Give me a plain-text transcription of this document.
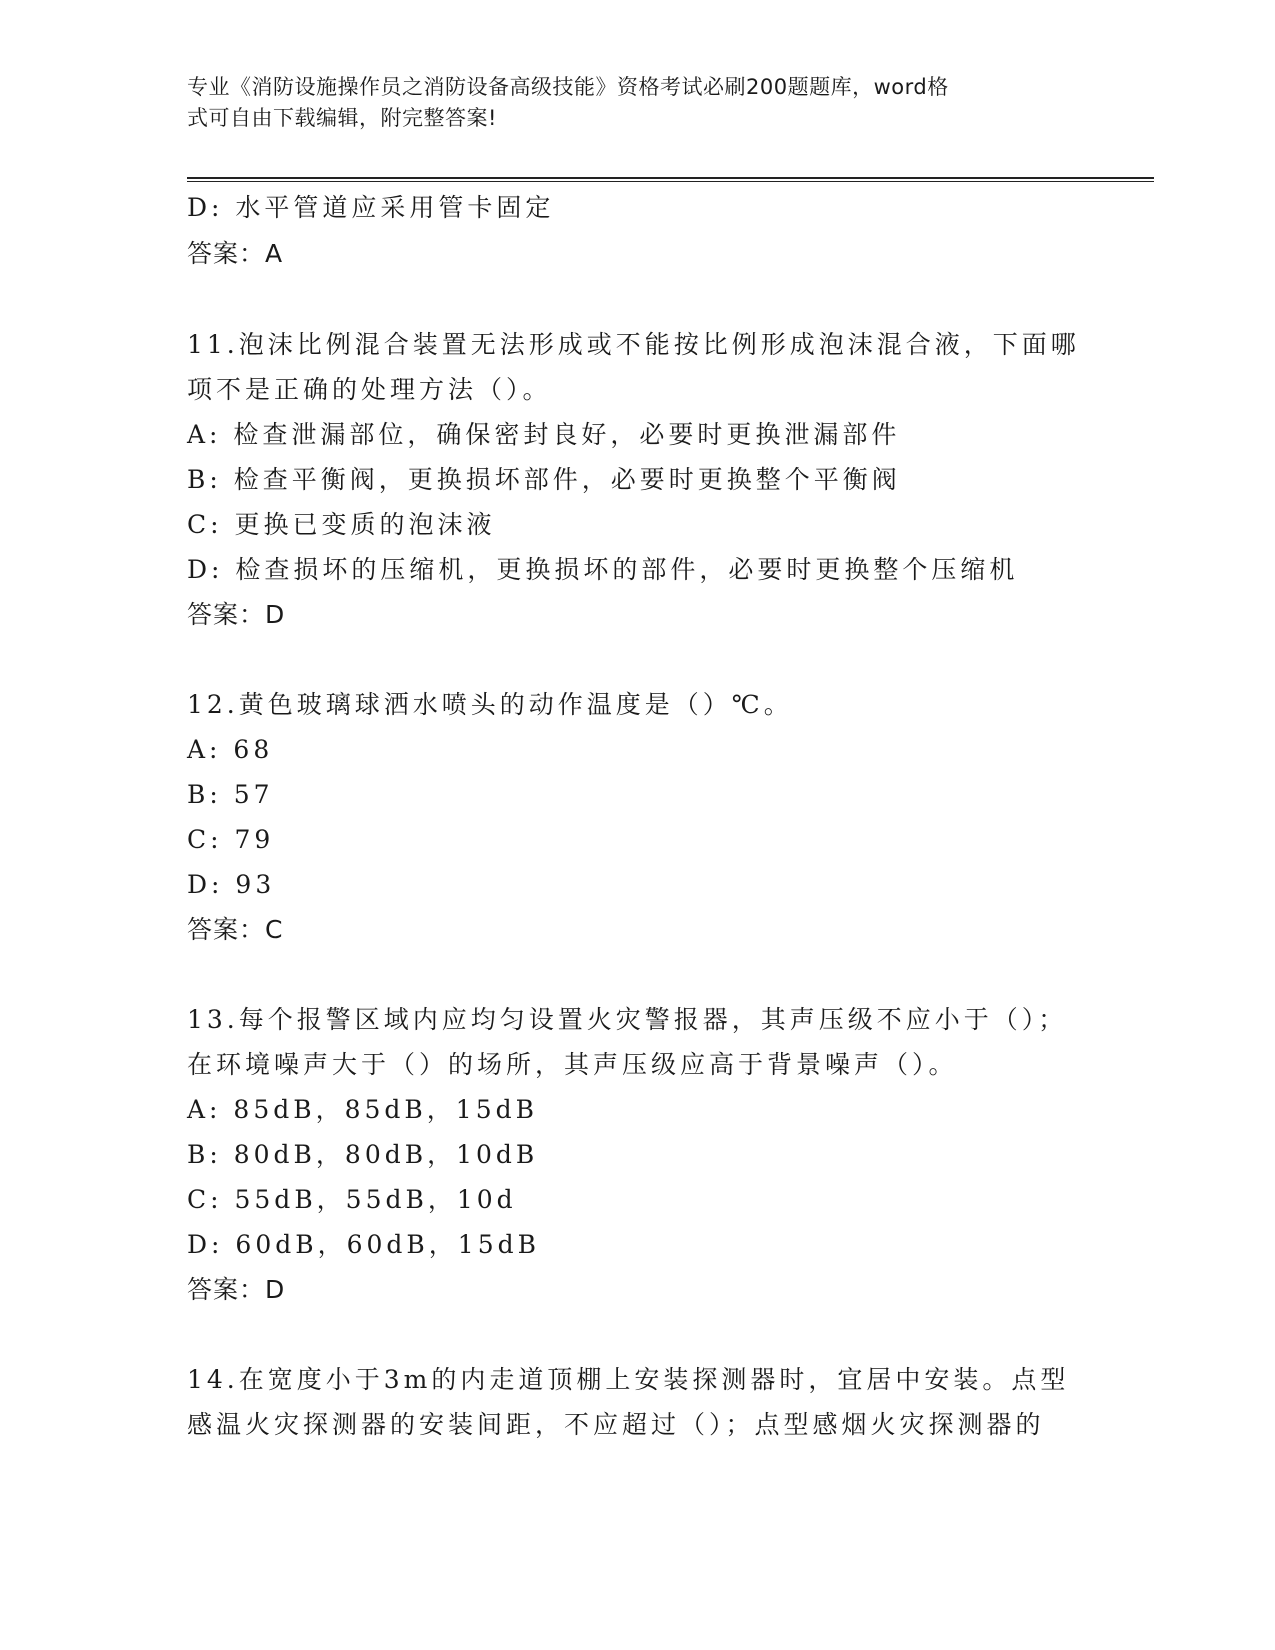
专业《消防设施操作员之消防设备高级技能》资格考试必刷200题题库，word格
式可自由下载编辑，附完整答案!
D: 水平管道应采用管卡固定
答案：A
11.泡沫比例混合装置无法形成或不能按比例形成泡沫混合液，下面哪
项不是正确的处理方法（）。
A: 检查泄漏部位，确保密封良好，必要时更换泄漏部件
B: 检查平衡阀，更换损坏部件，必要时更换整个平衡阀
C: 更换已变质的泡沫液
D: 检查损坏的压缩机，更换损坏的部件，必要时更换整个压缩机
答案：D
12.黄色玻璃球洒水喷头的动作温度是（）℃。
A: 68
B: 57
C: 79
D: 93
答案：C
13.每个报警区域内应均匀设置火灾警报器，其声压级不应小于（）；
在环境噪声大于（）的场所，其声压级应高于背景噪声（）。
A: 85dB，85dB，15dB
B: 80dB，80dB，10dB
C: 55dB，55dB，10d
D: 60dB，60dB，15dB
答案：D
14.在宽度小于3m的内走道顶棚上安装探测器时，宜居中安装。点型
感温火灾探测器的安装间距，不应超过（）；点型感烟火灾探测器的
